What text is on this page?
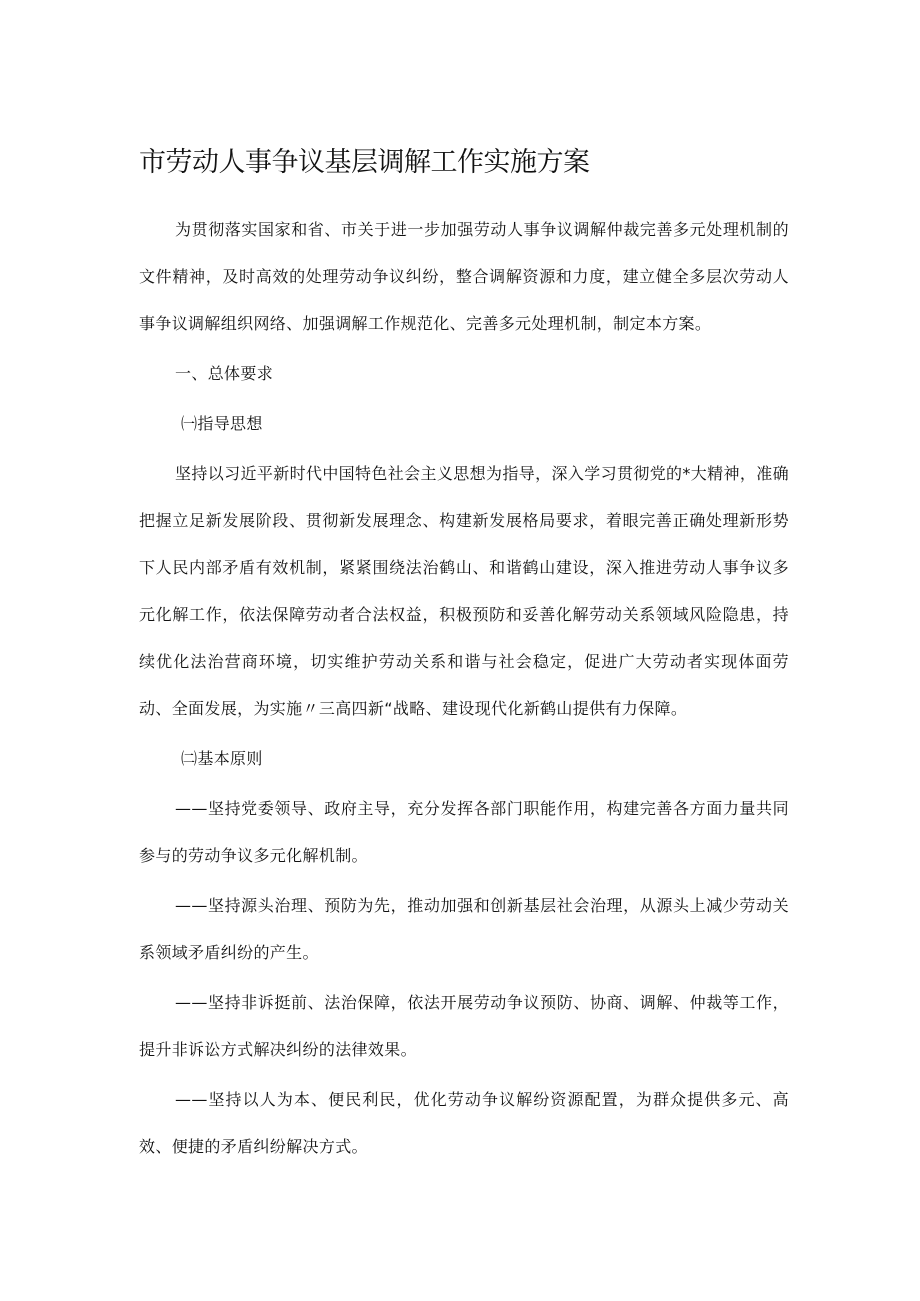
市劳动人事争议基层调解工作实施方案

为贯彻落实国家和省、市关于进一步加强劳动人事争议调解仲裁完善多元处理机制的文件精神，及时高效的处理劳动争议纠纷，整合调解资源和力度，建立健全多层次劳动人事争议调解组织网络、加强调解工作规范化、完善多元处理机制，制定本方案。

一、总体要求

㈠指导思想

坚持以习近平新时代中国特色社会主义思想为指导，深入学习贯彻党的*大精神，准确把握立足新发展阶段、贯彻新发展理念、构建新发展格局要求，着眼完善正确处理新形势下人民内部矛盾有效机制，紧紧围绕法治鹤山、和谐鹤山建设，深入推进劳动人事争议多元化解工作，依法保障劳动者合法权益，积极预防和妥善化解劳动关系领域风险隐患，持续优化法治营商环境，切实维护劳动关系和谐与社会稳定，促进广大劳动者实现体面劳动、全面发展，为实施〃三高四新“战略、建设现代化新鹤山提供有力保障。

㈡基本原则

——坚持党委领导、政府主导，充分发挥各部门职能作用，构建完善各方面力量共同参与的劳动争议多元化解机制。

——坚持源头治理、预防为先，推动加强和创新基层社会治理，从源头上减少劳动关系领域矛盾纠纷的产生。

——坚持非诉挺前、法治保障，依法开展劳动争议预防、协商、调解、仲裁等工作，提升非诉讼方式解决纠纷的法律效果。

——坚持以人为本、便民利民，优化劳动争议解纷资源配置，为群众提供多元、高效、便捷的矛盾纠纷解决方式。
